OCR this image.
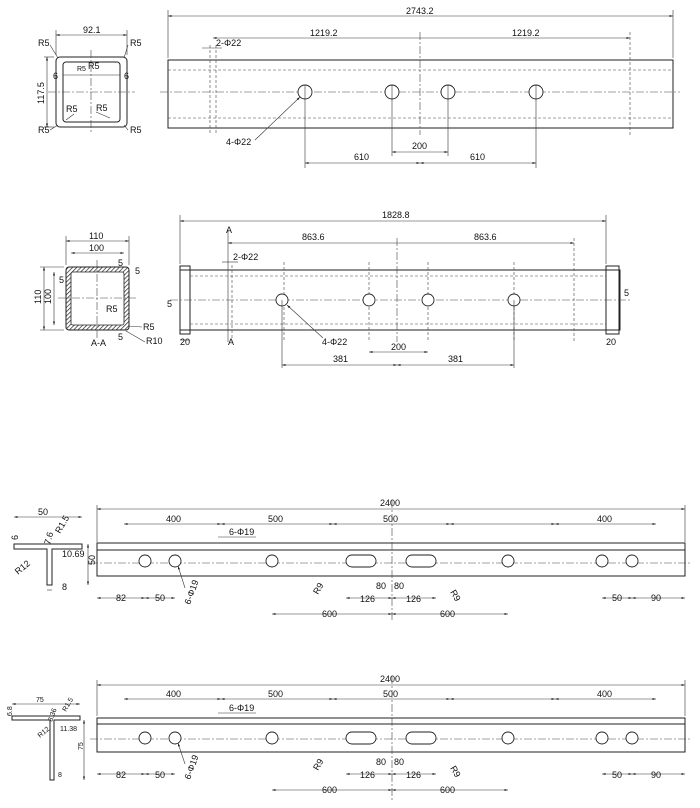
92.1
117.5
R5	R5
R5	R5
R5 R5
R5
R5
6	6
2743.2
1219.2	1219.2
2-Φ22
200
610	610
4-Φ22
110
100
110 100
5
5
5
5
R5
R5
R10
A-A
1828.8
863.6	863.6
A
A
2-Φ22
4-Φ22	200
381	381
20	20
5
5
50
50
6
R1.5
7.6
10.69
R12
8
2400
400	500	500	400
6-Φ19
6-Φ19
82	50	126	126
80 80
600	600
50	90
R9	R9
75
75
6.8	R1.5
8.36
11.38
R12
8
2400
400	500	500	400
6-Φ19
6-Φ19
82	50	126	126
80 80
600	600
50	90
R9	R9
